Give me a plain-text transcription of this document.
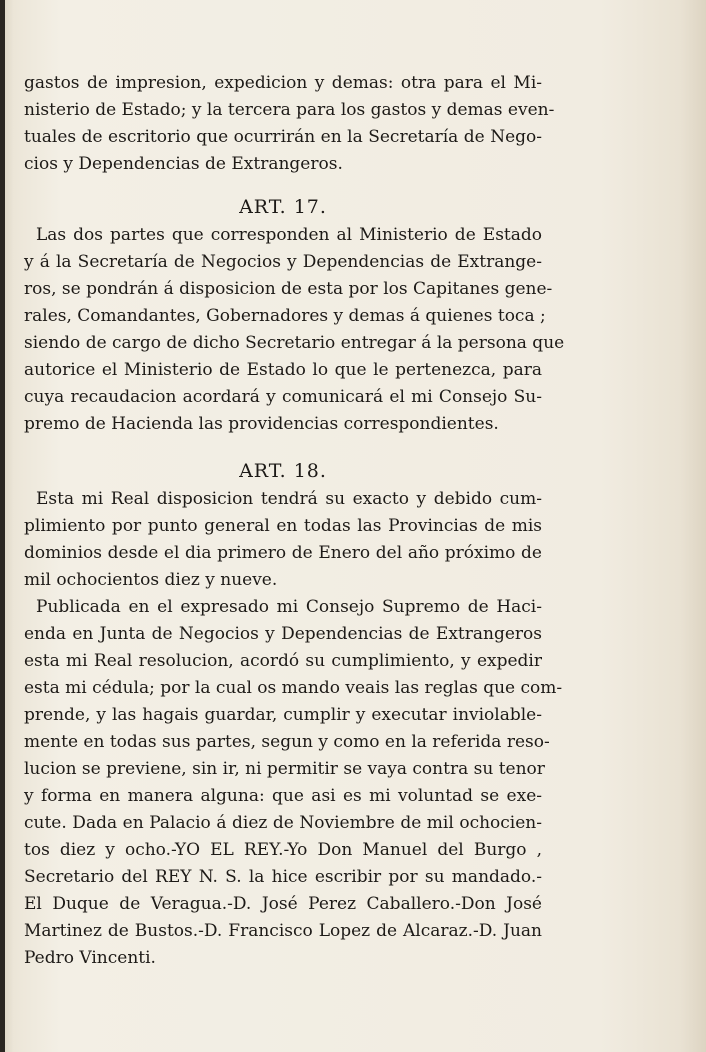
gastos de impresion, expedicion y demas: otra para el Mi-
nisterio de Estado; y la tercera para los gastos y demas even-
tuales de escritorio que ocurrirán en la Secretaría de Nego-
cios y Dependencias de Extrangeros.
ART. 17.
Las dos partes que corresponden al Ministerio de Estado
y á la Secretaría de Negocios y Dependencias de Extrange-
ros, se pondrán á disposicion de esta por los Capitanes gene-
rales, Comandantes, Gobernadores y demas á quienes toca ;
siendo de cargo de dicho Secretario entregar á la persona que
autorice el Ministerio de Estado lo que le pertenezca, para
cuya recaudacion acordará y comunicará el mi Consejo Su-
premo de Hacienda las providencias correspondientes.
ART. 18.
Esta mi Real disposicion tendrá su exacto y debido cum-
plimiento por punto general en todas las Provincias de mis
dominios desde el dia primero de Enero del año próximo de
mil ochocientos diez y nueve.
Publicada en el expresado mi Consejo Supremo de Haci-
enda en Junta de Negocios y Dependencias de Extrangeros
esta mi Real resolucion, acordó su cumplimiento, y expedir
esta mi cédula; por la cual os mando veais las reglas que com-
prende, y las hagais guardar, cumplir y executar inviolable-
mente en todas sus partes, segun y como en la referida reso-
lucion se previene, sin ir, ni permitir se vaya contra su tenor
y forma en manera alguna: que asi es mi voluntad se exe-
cute. Dada en Palacio á diez de Noviembre de mil ochocien-
tos diez y ocho.-YO EL REY.-Yo Don Manuel del Burgo ,
Secretario del REY N. S. la hice escribir por su mandado.-
El Duque de Veragua.-D. José Perez Caballero.-Don José
Martinez de Bustos.-D. Francisco Lopez de Alcaraz.-D. Juan
Pedro Vincenti.
